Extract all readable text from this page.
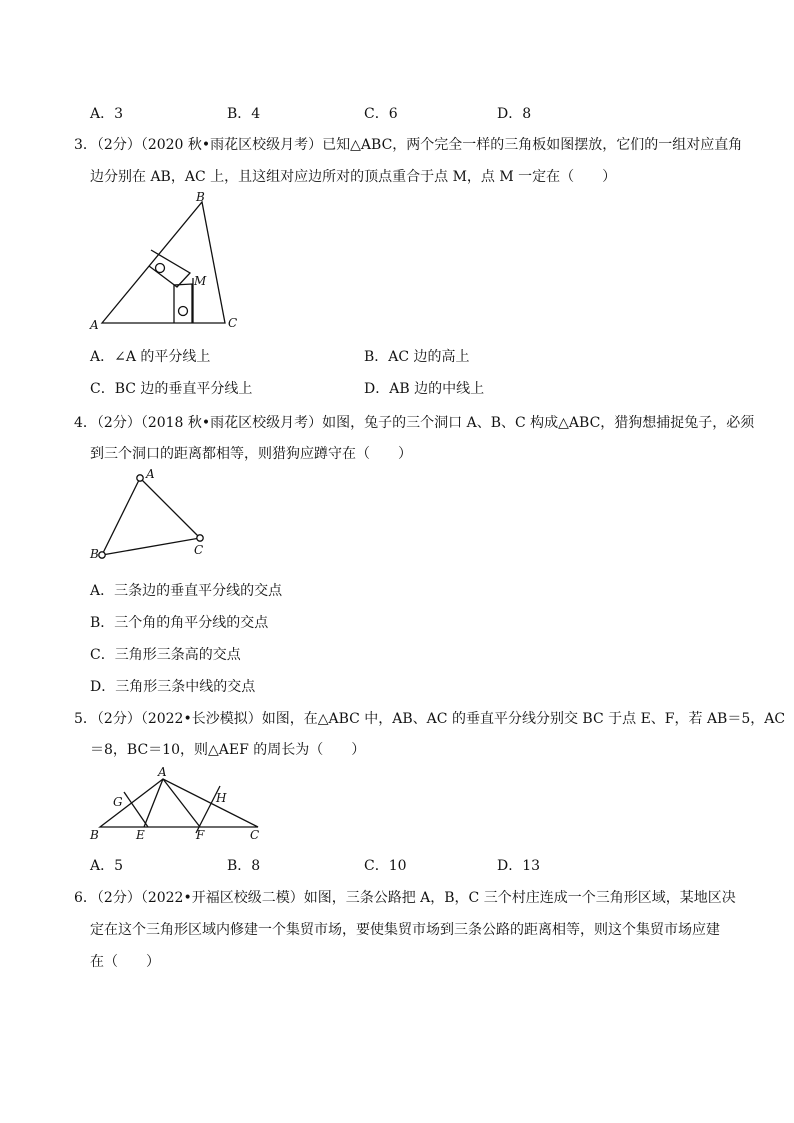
A．3	B．4	C．6	D．8
3．（2分）（2020 秋•雨花区校级月考）已知△ABC，两个完全一样的三角板如图摆放，它们的一组对应直角
边分别在 AB，AC 上，且这组对应边所对的顶点重合于点 M，点 M 一定在（　　）
A
B
C
M
A．∠A 的平分线上	B．AC 边的高上
C．BC 边的垂直平分线上	D．AB 边的中线上
4．（2分）（2018 秋•雨花区校级月考）如图，兔子的三个洞口 A、B、C 构成△ABC，猎狗想捕捉兔子，必须
到三个洞口的距离都相等，则猎狗应蹲守在（　　）
A
B	C
A．三条边的垂直平分线的交点
B．三个角的角平分线的交点
C．三角形三条高的交点
D．三角形三条中线的交点
5．（2分）（2022•长沙模拟）如图，在△ABC 中，AB、AC 的垂直平分线分别交 BC 于点 E、F，若 AB＝5，AC
＝8，BC＝10，则△AEF 的周长为（　　）
A
B	C
E	F
G	H
A．5	B．8	C．10	D．13
6．（2分）（2022•开福区校级二模）如图，三条公路把 A，B，C 三个村庄连成一个三角形区域，某地区决
定在这个三角形区域内修建一个集贸市场，要使集贸市场到三条公路的距离相等，则这个集贸市场应建
在（　　）
